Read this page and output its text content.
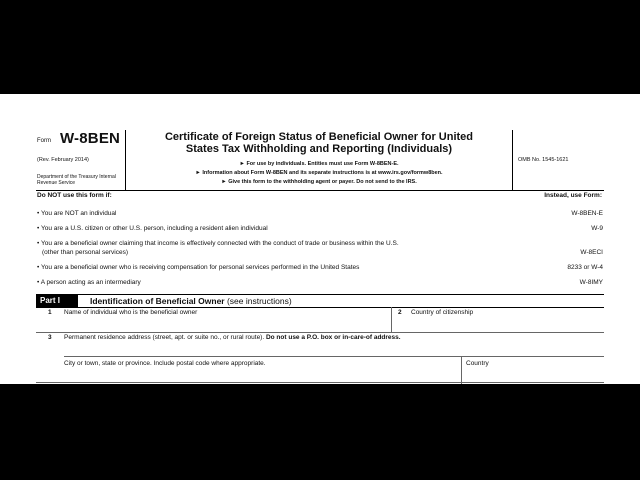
Form W-8BEN
(Rev. February 2014)
Department of the Treasury Internal Revenue Service
Certificate of Foreign Status of Beneficial Owner for United
States Tax Withholding and Reporting (Individuals)
► For use by individuals. Entities must use Form W-8BEN-E.
► Information about Form W-8BEN and its separate instructions is at www.irs.gov/formw8ben.
► Give this form to the withholding agent or payer. Do not send to the IRS.
OMB No. 1545-1621
Do NOT use this form if:	Instead, use Form:
• You are NOT an individual	W-8BEN-E
• You are a U.S. citizen or other U.S. person, including a resident alien individual	W-9
• You are a beneficial owner claiming that income is effectively connected with the conduct of trade or business within the U.S.
(other than personal services)	W-8ECI
• You are a beneficial owner who is receiving compensation for personal services performed in the United States	8233 or W-4
• A person acting as an intermediary	W-8IMY
Part I	Identification of Beneficial Owner (see instructions)
1 Name of individual who is the beneficial owner	2 Country of citizenship
3 Permanent residence address (street, apt. or suite no., or rural route). Do not use a P.O. box or in-care-of address.
City or town, state or province. Include postal code where appropriate.	Country
